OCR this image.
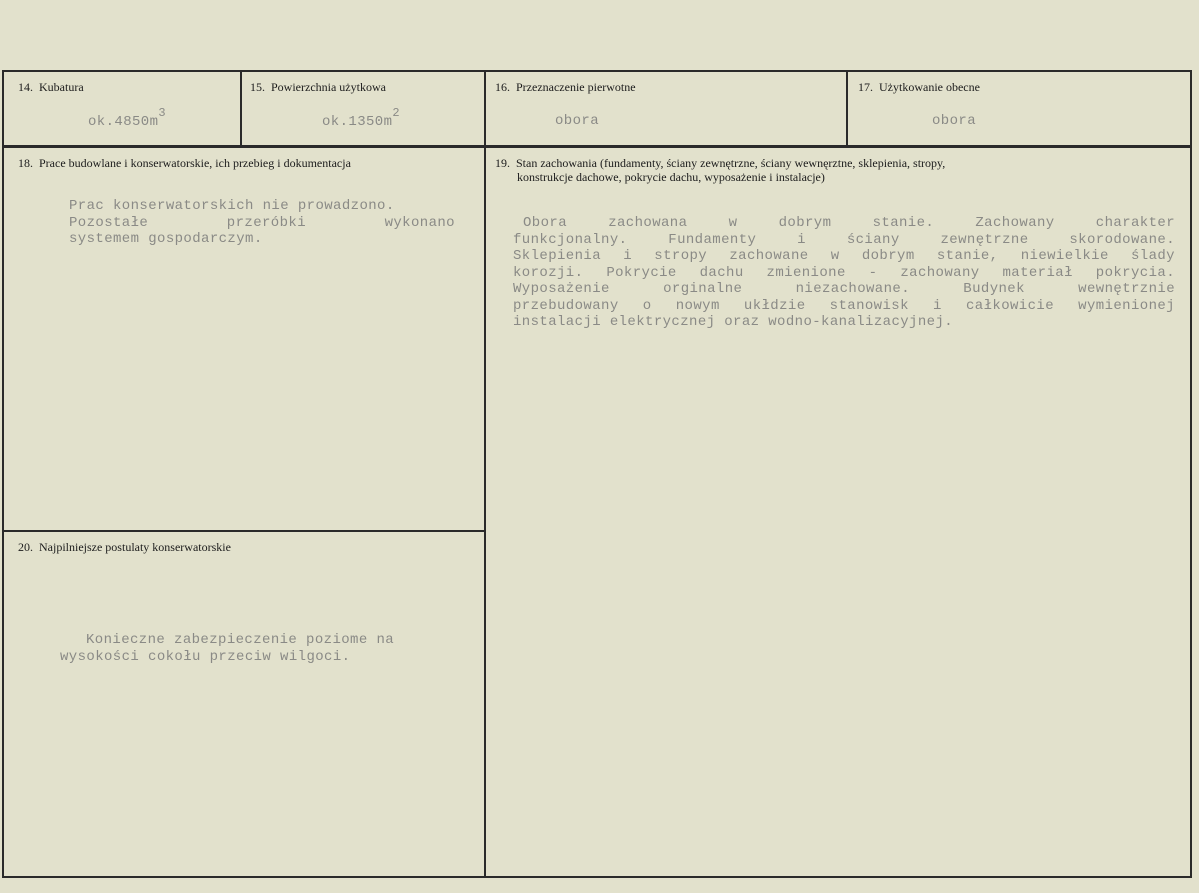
14. Kubatura
$ok.4850m^3$
15. Powierzchnia użytkowa
$ok.1350m^2$
16. Przeznaczenie pierwotne
obora
17. Użytkowanie obecne
obora
18. Prace budowlane i konserwatorskie, ich przebieg i dokumentacja
Prac konserwatorskich nie prowadzono.
Pozostałe przeróbki wykonano
systemem gospodarczym.
19. Stan zachowania (fundamenty, ściany zewnętrzne, ściany wewnęrztne, sklepienia, stropy,
konstrukcje dachowe, pokrycie dachu, wyposażenie i instalacje)
Obora zachowana w dobrym stanie. Zachowany charakter
funkcjonalny. Fundamenty i ściany zewnętrzne skorodowane.
Sklepienia i stropy zachowane w dobrym stanie, niewielkie ślady
korozji. Pokrycie dachu zmienione - zachowany materiał pokrycia.
Wyposażenie orginalne niezachowane. Budynek wewnętrznie
przebudowany o nowym ukłdzie stanowisk i całkowicie wymienionej
instalacji elektrycznej oraz wodno-kanalizacyjnej.
20. Najpilniejsze postulaty konserwatorskie
Konieczne zabezpieczenie poziome na
wysokości cokołu przeciw wilgoci.
